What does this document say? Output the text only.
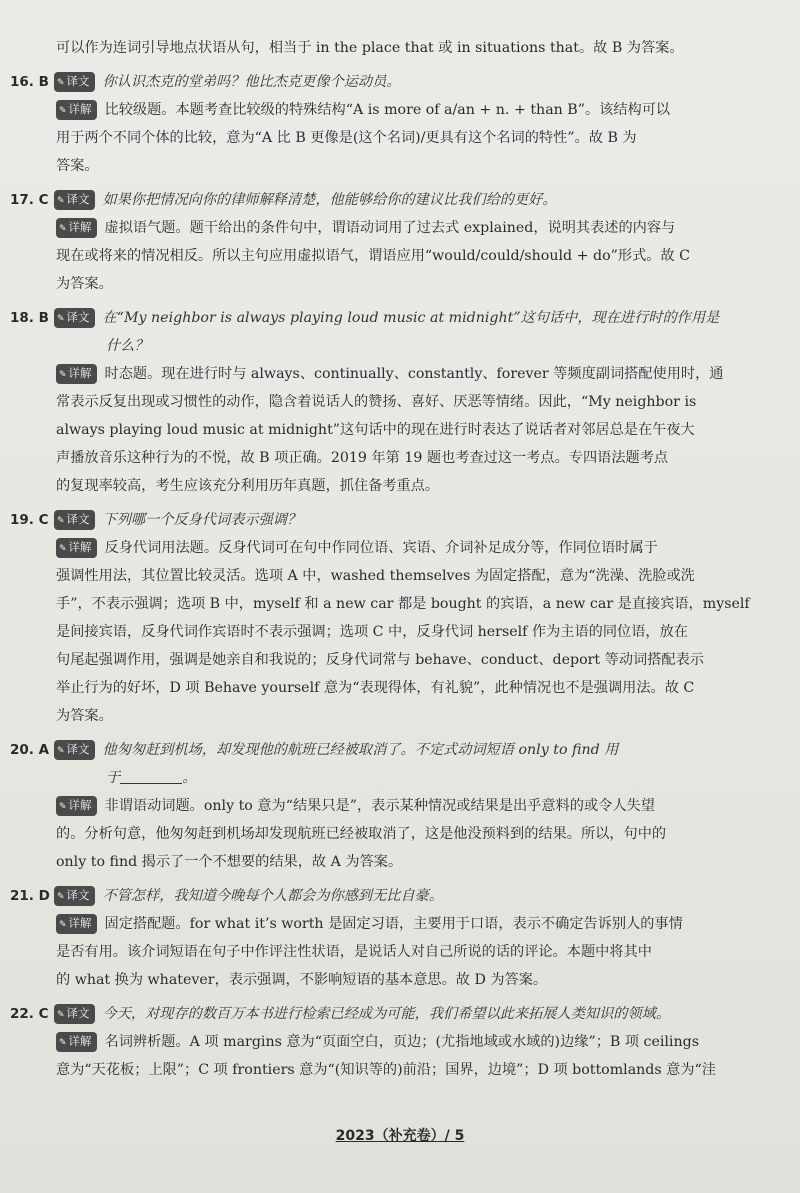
可以作为连词引导地点状语从句，相当于 in the place that 或 in situations that。故 B 为答案。
16. B ✎ 译文 你认识杰克的堂弟吗？他比杰克更像个运动员。
✎ 详解 比较级题。本题考查比较级的特殊结构“A is more of a/an + n. + than B”。该结构可以
用于两个不同个体的比较，意为“A 比 B 更像是(这个名词)/更具有这个名词的特性”。故 B 为
答案。
17. C ✎ 译文 如果你把情况向你的律师解释清楚，他能够给你的建议比我们给的更好。
✎ 详解 虚拟语气题。题干给出的条件句中，谓语动词用了过去式 explained，说明其表述的内容与
现在或将来的情况相反。所以主句应用虚拟语气，谓语应用“would/could/should + do”形式。故 C
为答案。
18. B ✎ 译文 在“My neighbor is always playing loud music at midnight”这句话中，现在进行时的作用是
什么？
✎ 详解 时态题。现在进行时与 always、continually、constantly、forever 等频度副词搭配使用时，通
常表示反复出现或习惯性的动作，隐含着说话人的赞扬、喜好、厌恶等情绪。因此，“My neighbor is
always playing loud music at midnight”这句话中的现在进行时表达了说话者对邻居总是在午夜大
声播放音乐这种行为的不悦，故 B 项正确。2019 年第 19 题也考查过这一考点。专四语法题考点
的复现率较高，考生应该充分利用历年真题，抓住备考重点。
19. C ✎ 译文 下列哪一个反身代词表示强调？
✎ 详解 反身代词用法题。反身代词可在句中作同位语、宾语、介词补足成分等，作同位语时属于
强调性用法，其位置比较灵活。选项 A 中，washed themselves 为固定搭配，意为“洗澡、洗脸或洗
手”，不表示强调；选项 B 中，myself 和 a new car 都是 bought 的宾语，a new car 是直接宾语，myself
是间接宾语，反身代词作宾语时不表示强调；选项 C 中，反身代词 herself 作为主语的同位语，放在
句尾起强调作用，强调是她亲自和我说的；反身代词常与 behave、conduct、deport 等动词搭配表示
举止行为的好坏，D 项 Behave yourself 意为“表现得体，有礼貌”，此种情况也不是强调用法。故 C
为答案。
20. A ✎ 译文 他匆匆赶到机场，却发现他的航班已经被取消了。不定式动词短语 only to find 用
于	。
✎ 详解 非谓语动词题。only to 意为“结果只是”，表示某种情况或结果是出乎意料的或令人失望
的。分析句意，他匆匆赶到机场却发现航班已经被取消了，这是他没预料到的结果。所以，句中的
only to find 揭示了一个不想要的结果，故 A 为答案。
21. D ✎ 译文 不管怎样，我知道今晚每个人都会为你感到无比自豪。
✎ 详解 固定搭配题。for what it’s worth 是固定习语，主要用于口语，表示不确定告诉别人的事情
是否有用。该介词短语在句子中作评注性状语，是说话人对自己所说的话的评论。本题中将其中
的 what 换为 whatever，表示强调，不影响短语的基本意思。故 D 为答案。
22. C ✎ 译文 今天，对现存的数百万本书进行检索已经成为可能，我们希望以此来拓展人类知识的领域。
✎ 详解 名词辨析题。A 项 margins 意为“页面空白，页边；(尤指地域或水域的)边缘”；B 项 ceilings
意为“天花板；上限”；C 项 frontiers 意为“(知识等的)前沿；国界，边境”；D 项 bottomlands 意为“洼
2023（补充卷）/ 5
